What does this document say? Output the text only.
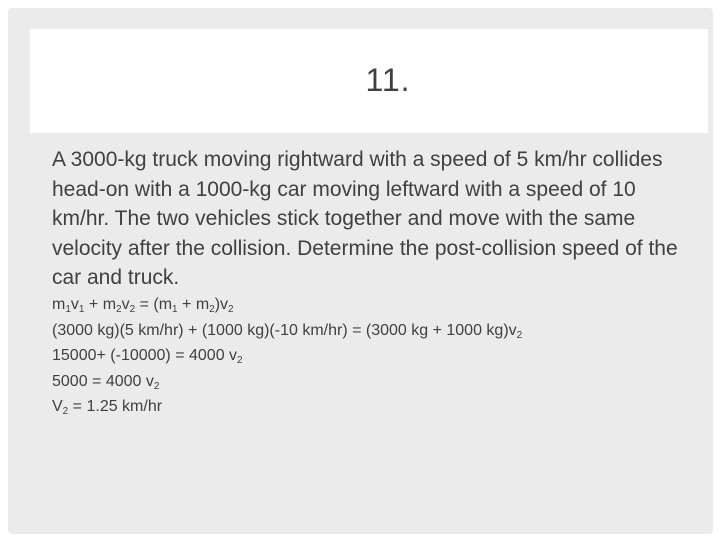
11.
A 3000-kg truck moving rightward with a speed of 5 km/hr collides head-on with a 1000-kg car moving leftward with a speed of 10 km/hr. The two vehicles stick together and move with the same velocity after the collision. Determine the post-collision speed of the car and truck.
$m_1v_1 + m_2v_2 = (m_1 + m_2)v_2$
(3000 kg)(5 km/hr) + (1000 kg)(-10 km/hr) = (3000 kg + 1000 $kg)v_2$
15000+ (-10000) = 4000 $v_2$
5000 = 4000 $v_2$
$V_2 = 1.25$ km/hr
